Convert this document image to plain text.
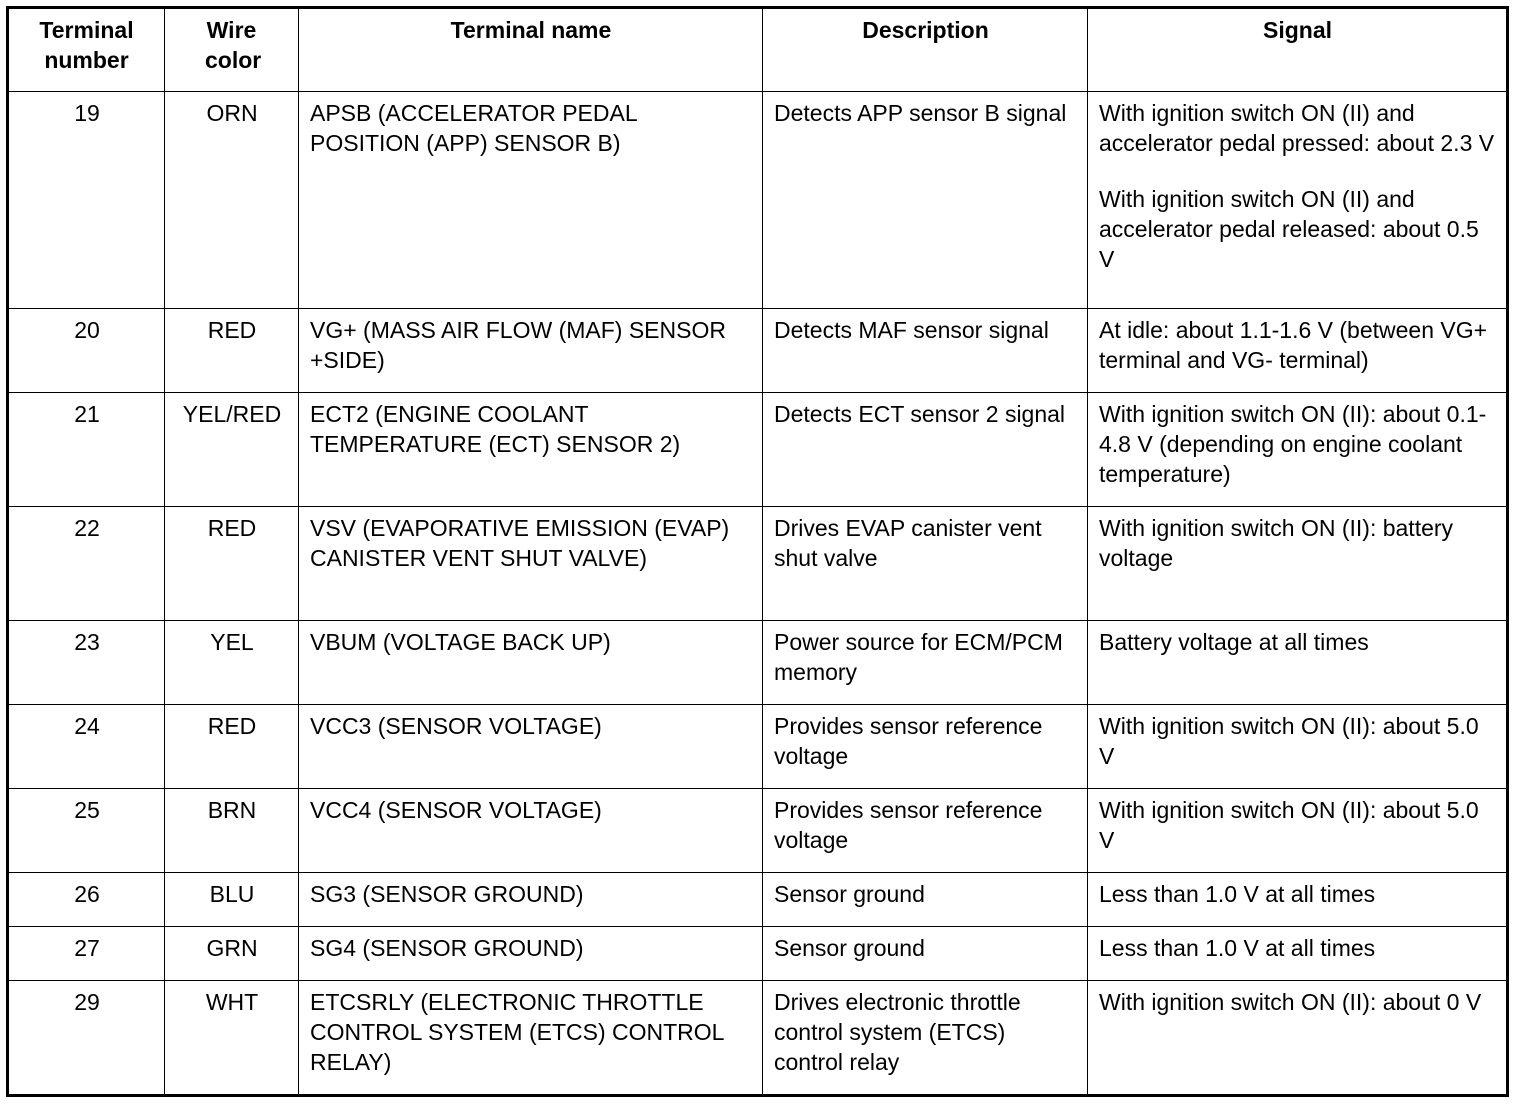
Terminal number	Wire color	Terminal name	Description	Signal
19	ORN	APSB (ACCELERATOR PEDAL POSITION (APP) SENSOR B)	Detects APP sensor B signal	With ignition switch ON (II) and accelerator pedal pressed: about 2.3 V
With ignition switch ON (II) and accelerator pedal released: about 0.5 V

20	RED	VG+ (MASS AIR FLOW (MAF) SENSOR +SIDE)	Detects MAF sensor signal	At idle: about 1.1-1.6 V (between VG+ terminal and VG- terminal)

21	YEL/RED	ECT2 (ENGINE COOLANT TEMPERATURE (ECT) SENSOR 2)	Detects ECT sensor 2 signal	With ignition switch ON (II): about 0.1-4.8 V (depending on engine coolant temperature)

22	RED	VSV (EVAPORATIVE EMISSION (EVAP) CANISTER VENT SHUT VALVE)	Drives EVAP canister vent shut valve	With ignition switch ON (II): battery voltage

23	YEL	VBUM (VOLTAGE BACK UP)	Power source for ECM/PCM memory	Battery voltage at all times

24	RED	VCC3 (SENSOR VOLTAGE)	Provides sensor reference voltage	With ignition switch ON (II): about 5.0 V

25	BRN	VCC4 (SENSOR VOLTAGE)	Provides sensor reference voltage	With ignition switch ON (II): about 5.0 V

26	BLU	SG3 (SENSOR GROUND)	Sensor ground	Less than 1.0 V at all times

27	GRN	SG4 (SENSOR GROUND)	Sensor ground	Less than 1.0 V at all times

29	WHT	ETCSRLY (ELECTRONIC THROTTLE CONTROL SYSTEM (ETCS) CONTROL RELAY)	Drives electronic throttle control system (ETCS) control relay	With ignition switch ON (II): about 0 V
